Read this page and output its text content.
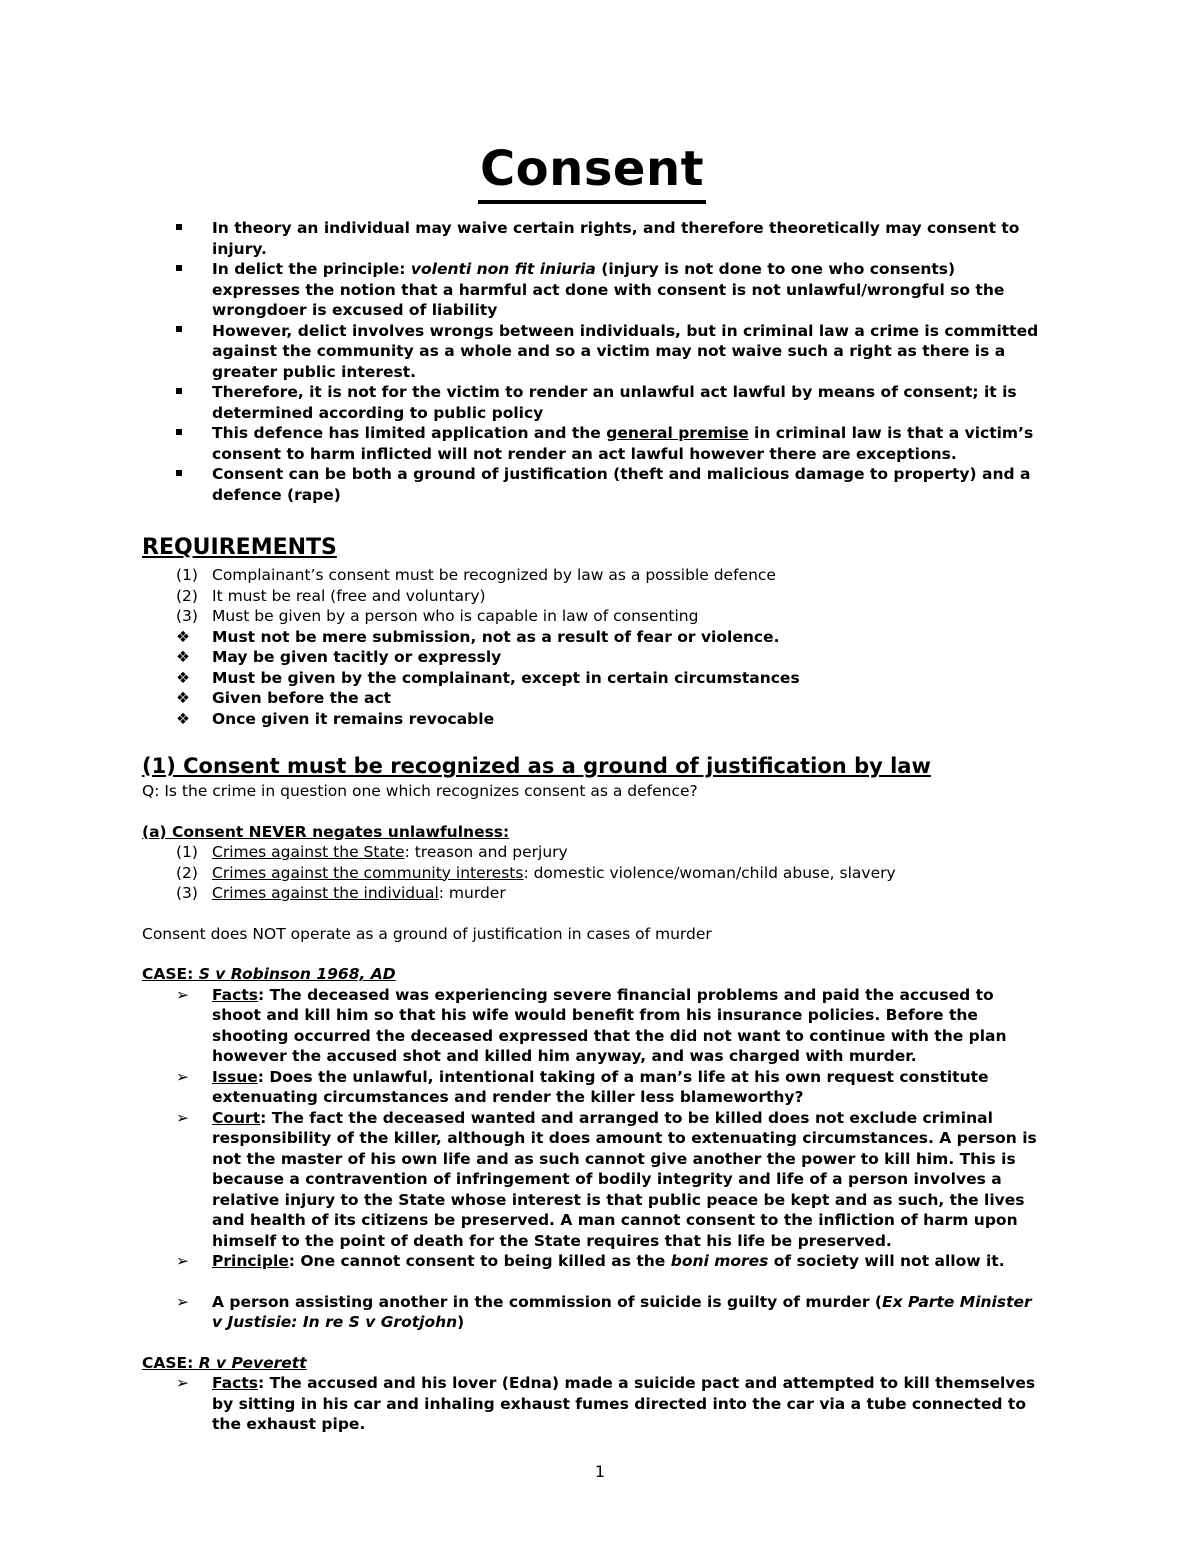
Consent
In theory an individual may waive certain rights, and therefore theoretically may consent to injury.
In delict the principle: volenti non fit iniuria (injury is not done to one who consents) expresses the notion that a harmful act done with consent is not unlawful/wrongful so the wrongdoer is excused of liability
However, delict involves wrongs between individuals, but in criminal law a crime is committed against the community as a whole and so a victim may not waive such a right as there is a greater public interest.
Therefore, it is not for the victim to render an unlawful act lawful by means of consent; it is determined according to public policy
This defence has limited application and the general premise in criminal law is that a victim’s consent to harm inflicted will not render an act lawful however there are exceptions.
Consent can be both a ground of justification (theft and malicious damage to property) and a defence (rape)
REQUIREMENTS
(1) Complainant’s consent must be recognized by law as a possible defence
(2) It must be real (free and voluntary)
(3) Must be given by a person who is capable in law of consenting
❖	Must not be mere submission, not as a result of fear or violence.
❖	May be given tacitly or expressly
❖	Must be given by the complainant, except in certain circumstances
❖	Given before the act
❖	Once given it remains revocable
(1) Consent must be recognized as a ground of justification by law
Q: Is the crime in question one which recognizes consent as a defence?
(a) Consent NEVER negates unlawfulness:
(1) Crimes against the State: treason and perjury
(2) Crimes against the community interests: domestic violence/woman/child abuse, slavery
(3) Crimes against the individual: murder
Consent does NOT operate as a ground of justification in cases of murder
CASE: S v Robinson 1968, AD
➢	Facts: The deceased was experiencing severe financial problems and paid the accused to shoot and kill him so that his wife would benefit from his insurance policies. Before the shooting occurred the deceased expressed that the did not want to continue with the plan however the accused shot and killed him anyway, and was charged with murder.
➢	Issue: Does the unlawful, intentional taking of a man’s life at his own request constitute extenuating circumstances and render the killer less blameworthy?
➢	Court: The fact the deceased wanted and arranged to be killed does not exclude criminal responsibility of the killer, although it does amount to extenuating circumstances. A person is not the master of his own life and as such cannot give another the power to kill him. This is because a contravention of infringement of bodily integrity and life of a person involves a relative injury to the State whose interest is that public peace be kept and as such, the lives and health of its citizens be preserved. A man cannot consent to the infliction of harm upon himself to the point of death for the State requires that his life be preserved.
➢	Principle: One cannot consent to being killed as the boni mores of society will not allow it.
➢	A person assisting another in the commission of suicide is guilty of murder (Ex Parte Minister v Justisie: In re S v Grotjohn)
CASE: R v Peverett
➢	Facts: The accused and his lover (Edna) made a suicide pact and attempted to kill themselves by sitting in his car and inhaling exhaust fumes directed into the car via a tube connected to the exhaust pipe.
1
